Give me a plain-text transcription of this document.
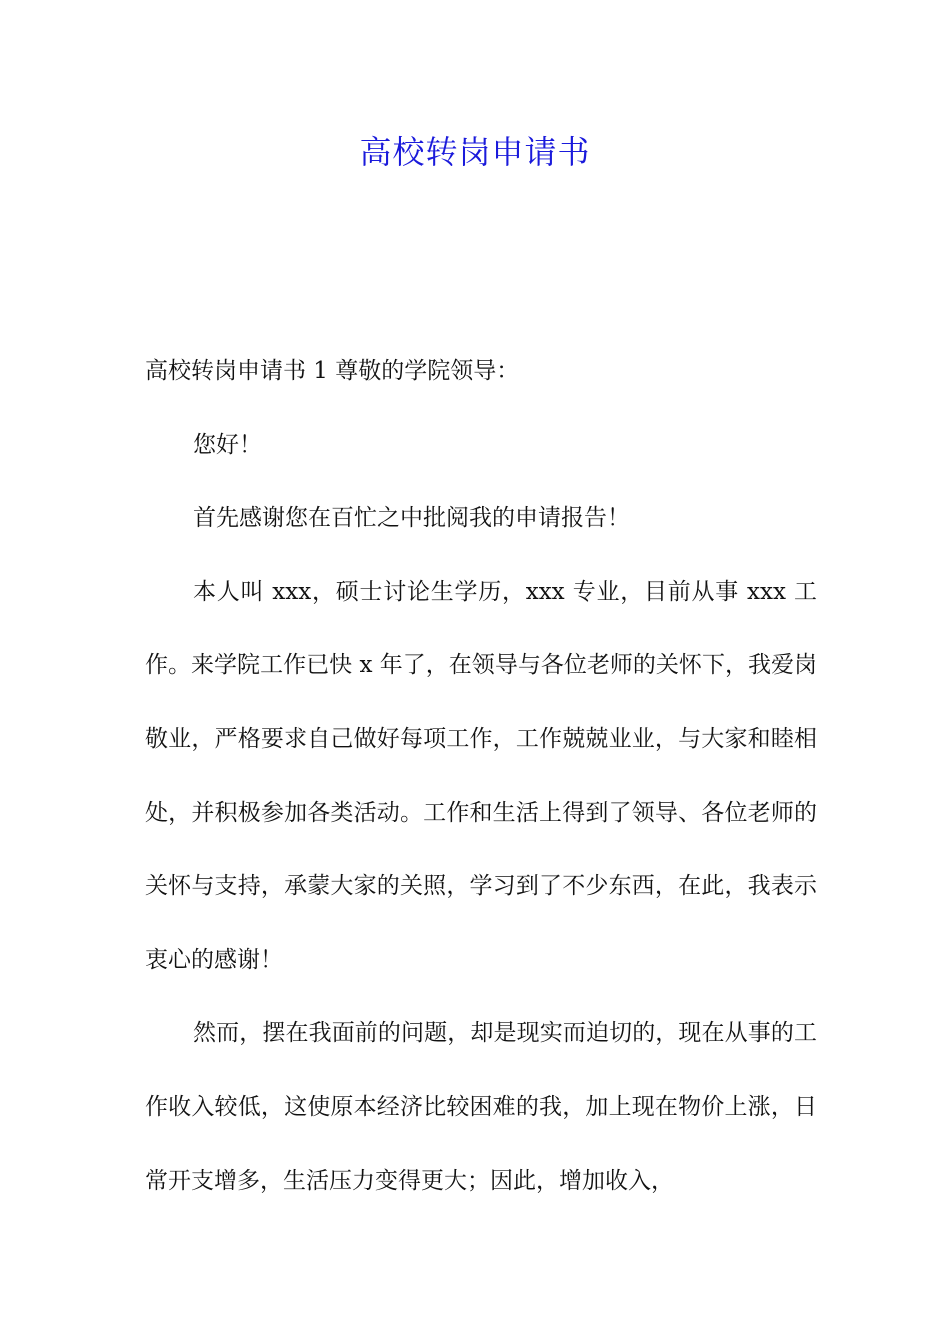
高校转岗申请书

高校转岗申请书 1 尊敬的学院领导：

您好！

首先感谢您在百忙之中批阅我的申请报告！

本人叫 xxx，硕士讨论生学历，xxx 专业，目前从事 xxx 工作。来学院工作已快 x 年了，在领导与各位老师的关怀下，我爱岗敬业，严格要求自己做好每项工作，工作兢兢业业，与大家和睦相处，并积极参加各类活动。工作和生活上得到了领导、各位老师的关怀与支持，承蒙大家的关照，学习到了不少东西，在此，我表示衷心的感谢！

然而，摆在我面前的问题，却是现实而迫切的，现在从事的工作收入较低，这使原本经济比较困难的我，加上现在物价上涨，日常开支增多，生活压力变得更大；因此，增加收入，
